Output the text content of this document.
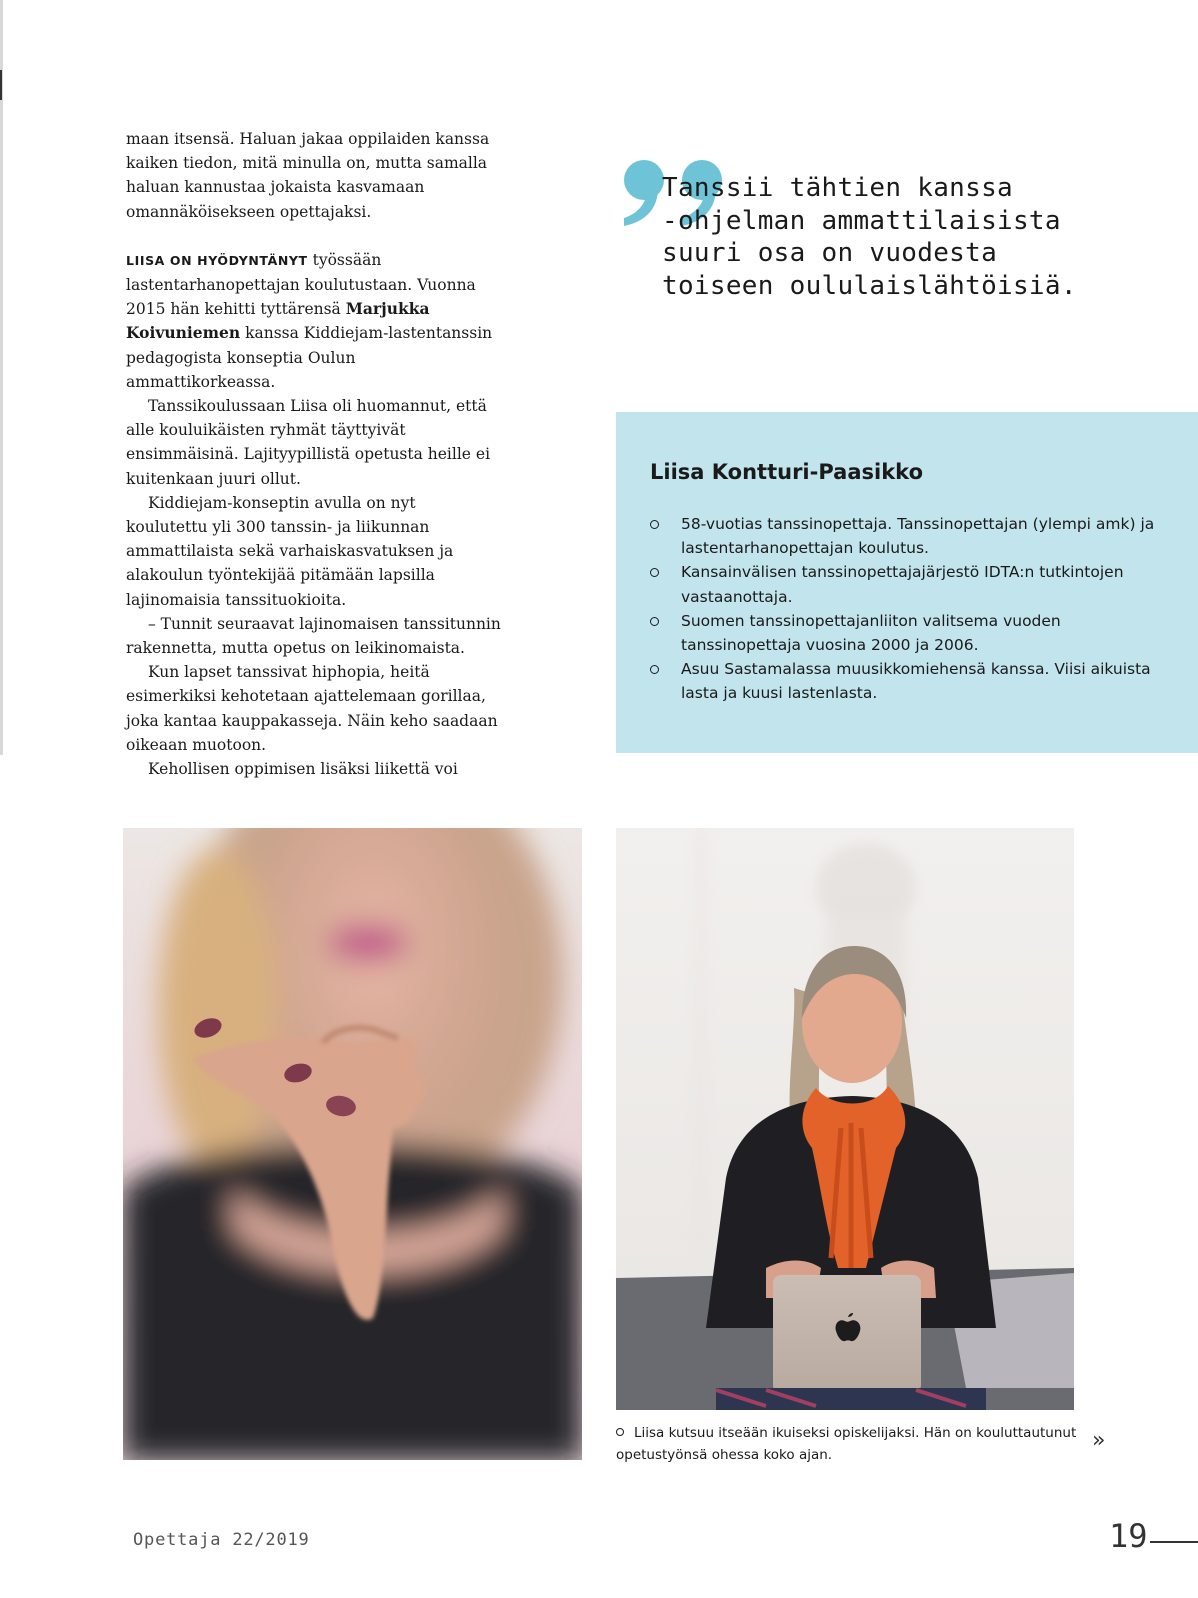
maan itsensä. Haluan jakaa oppilaiden kanssa kaiken tiedon, mitä minulla on, mutta samalla haluan kannustaa jokaista kasvamaan omannäköisekseen opettajaksi.

LIISA ON HYÖDYNTÄNYT työssään lastentarhanopettajan koulutustaan. Vuonna 2015 hän kehitti tyttärensä Marjukka Koivuniemen kanssa Kiddiejam-lastentanssin pedagogista konseptia Oulun ammattikorkeassa.

Tanssikoulussaan Liisa oli huomannut, että alle kouluikäisten ryhmät täyttyivät ensimmäisinä. Lajityypillistä opetusta heille ei kuitenkaan juuri ollut.

Kiddiejam-konseptin avulla on nyt koulutettu yli 300 tanssin- ja liikunnan ammattilaista sekä varhaiskasvatuksen ja alakoulun työntekijää pitämään lapsilla lajinomaisia tanssituokioita.

– Tunnit seuraavat lajinomaisen tanssitunnin rakennetta, mutta opetus on leikinomaista.

Kun lapset tanssivat hiphopia, heitä esimerkiksi kehotetaan ajattelemaan gorillaa, joka kantaa kauppakasseja. Näin keho saadaan oikeaan muotoon.

Kehollisen oppimisen lisäksi liikettä voi

Tanssii tähtien kanssa
-ohjelman ammattilaisista
suuri osa on vuodesta
toiseen oululaislähtöisiä.
Liisa Kontturi-Paasikko
58-vuotias tanssinopettaja. Tanssinopettajan (ylempi amk) ja lastentarhanopettajan koulutus.
Kansainvälisen tanssinopettajajärjestö IDTA:n tutkintojen vastaanottaja.
Suomen tanssinopettajanliiton valitsema vuoden tanssinopettaja vuosina 2000 ja 2006.
Asuu Sastamalassa muusikkomiehensä kanssa. Viisi aikuista lasta ja kuusi lastenlasta.

Liisa kutsuu itseään ikuiseksi opiskelijaksi. Hän on kouluttautunut opetustyönsä ohessa koko ajan.

»
Opettaja 22/2019	19
